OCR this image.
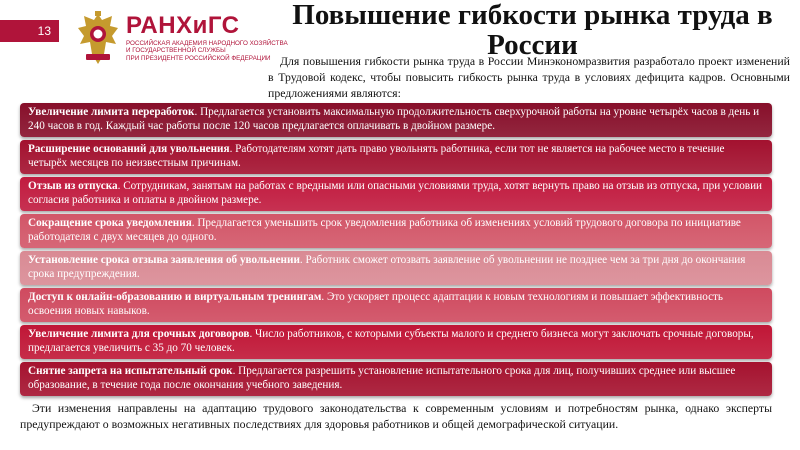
13	РАНХиГС
РОССИЙСКАЯ АКАДЕМИЯ НАРОДНОГО ХОЗЯЙСТВА
И ГОСУДАРСТВЕННОЙ СЛУЖБЫ
ПРИ ПРЕЗИДЕНТЕ РОССИЙСКОЙ ФЕДЕРАЦИИ
Повышение гибкости рынка труда в России

Для повышения гибкости рынка труда в России Минэкономразвития разработало проект изменений в Трудовой кодекс, чтобы повысить гибкость рынка труда в условиях дефицита кадров. Основными предложениями являются:

Увеличение лимита переработок. Предлагается установить максимальную продолжительность сверхурочной работы на уровне четырёх часов в день и 240 часов в год. Каждый час работы после 120 часов предлагается оплачивать в двойном размере.
Расширение оснований для увольнения. Работодателям хотят дать право увольнять работника, если тот не является на рабочее место в течение четырёх месяцев по неизвестным причинам.
Отзыв из отпуска. Сотрудникам, занятым на работах с вредными или опасными условиями труда, хотят вернуть право на отзыв из отпуска, при условии согласия работника и оплаты в двойном размере.
Сокращение срока уведомления. Предлагается уменьшить срок уведомления работника об изменениях условий трудового договора по инициативе работодателя с двух месяцев до одного.
Установление срока отзыва заявления об увольнении. Работник сможет отозвать заявление об увольнении не позднее чем за три дня до окончания срока предупреждения.
Доступ к онлайн-образованию и виртуальным тренингам. Это ускоряет процесс адаптации к новым технологиям и повышает эффективность освоения новых навыков.
Увеличение лимита для срочных договоров. Число работников, с которыми субъекты малого и среднего бизнеса могут заключать срочные договоры, предлагается увеличить с 35 до 70 человек.
Снятие запрета на испытательный срок. Предлагается разрешить установление испытательного срока для лиц, получивших среднее или высшее образование, в течение года после окончания учебного заведения.

Эти изменения направлены на адаптацию трудового законодательства к современным условиям и потребностям рынка, однако эксперты предупреждают о возможных негативных последствиях для здоровья работников и общей демографической ситуации.
